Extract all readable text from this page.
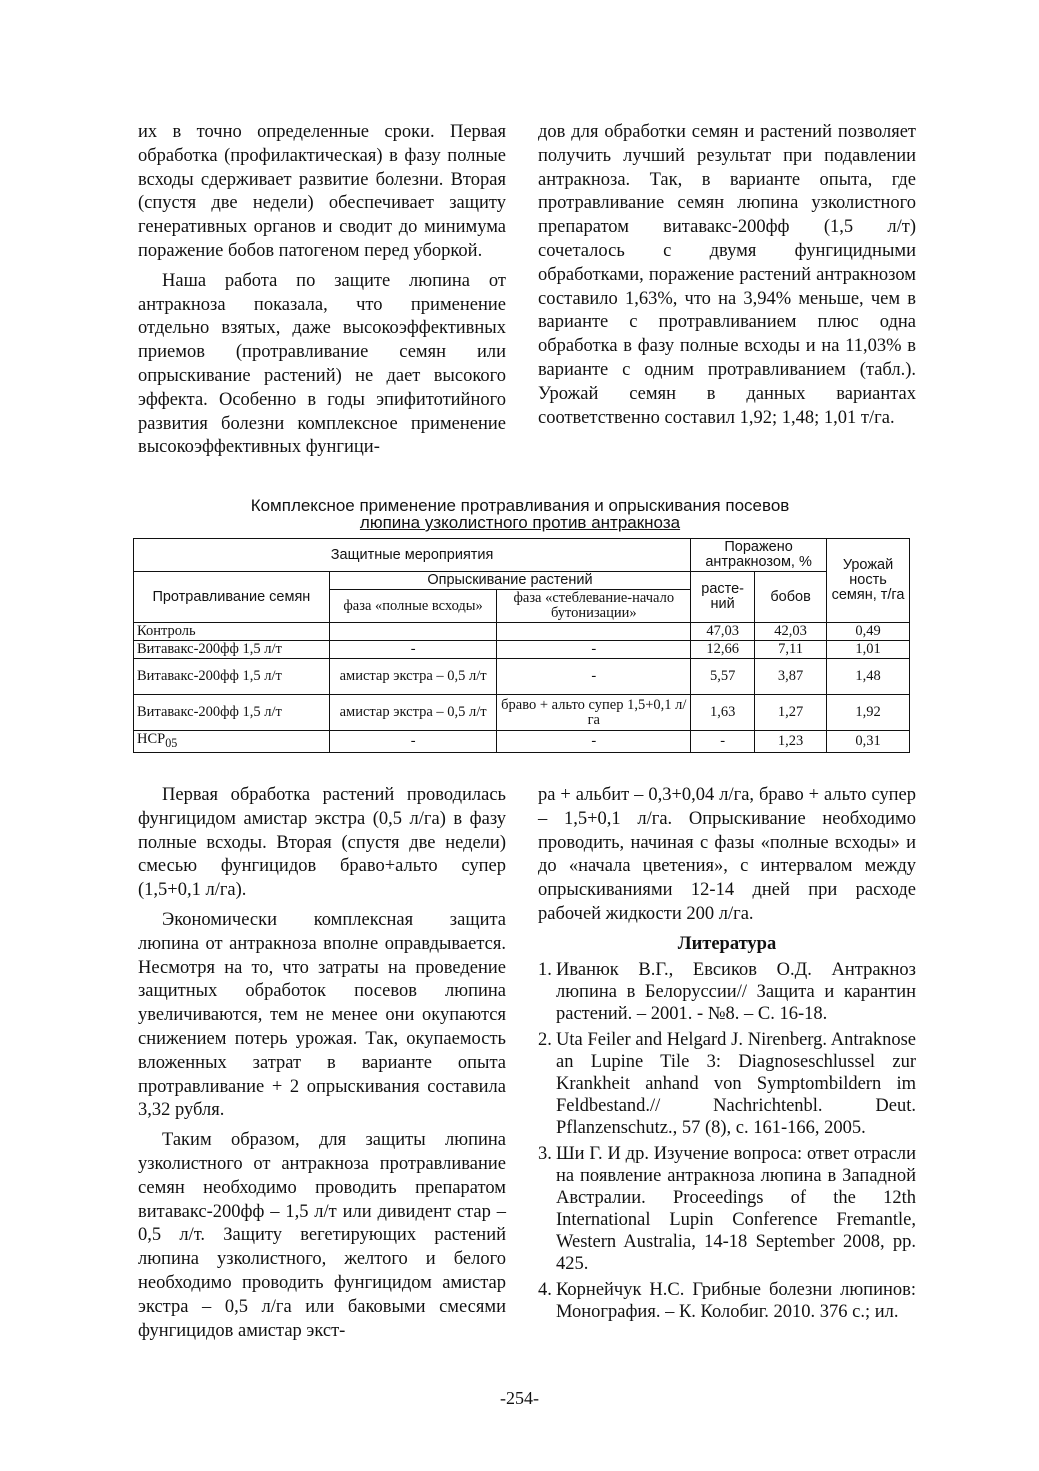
их в точно определенные сроки. Первая обработка (профилактическая) в фазу полные всходы сдерживает развитие болезни. Вторая (спустя две недели) обеспечивает защиту генеративных органов и сводит до минимума поражение бобов патогеном перед уборкой.

Наша работа по защите люпина от антракноза показала, что применение отдельно взятых, даже высокоэффективных приемов (протравливание семян или опрыскивание растений) не дает высокого эффекта. Особенно в годы эпифитотийного развития болезни комплексное применение высокоэффективных фунгици-

дов для обработки семян и растений позволяет получить лучший результат при подавлении антракноза. Так, в варианте опыта, где протравливание семян люпина узколистного препаратом витавакс-200фф (1,5 л/т) сочеталось с двумя фунгицидными обработками, поражение растений антракнозом составило 1,63%, что на 3,94% меньше, чем в варианте с протравливанием плюс одна обработка в фазу полные всходы и на 11,03% в варианте с одним протравливанием (табл.). Урожай семян в данных вариантах соответственно составил 1,92; 1,48; 1,01 т/га.

Комплексное применение протравливания и опрыскивания посевов
люпина узколистного против антракноза
Защитные мероприятия			Поражено антракнозом, %		Урожай ность семян, т/га
Протравливание семян	Опрыскивание растений		расте-ний	бобов	
	фаза «полные всходы»	фаза «стеблевание-начало бутонизации»			
Контроль			47,03	42,03	0,49
Витавакс-200фф 1,5 л/т	-	-	12,66	7,11	1,01
Витавакс-200фф 1,5 л/т	амистар экстра – 0,5 л/т	-	5,57	3,87	1,48
Витавакс-200фф 1,5 л/т	амистар экстра – 0,5 л/т	браво + альто супер 1,5+0,1 л/га	1,63	1,27	1,92
$НСР_{05}$	-	-	-	1,23	0,31

Первая обработка растений проводилась фунгицидом амистар экстра (0,5 л/га) в фазу полные всходы. Вторая (спустя две недели) смесью фунгицидов браво+альто супер (1,5+0,1 л/га).

Экономически комплексная защита люпина от антракноза вполне оправдывается. Несмотря на то, что затраты на проведение защитных обработок посевов люпина увеличиваются, тем не менее они окупаются снижением потерь урожая. Так, окупаемость вложенных затрат в варианте опыта протравливание + 2 опрыскивания составила 3,32 рубля.

Таким образом, для защиты люпина узколистного от антракноза протравливание семян необходимо проводить препаратом витавакс-200фф – 1,5 л/т или дивидент стар – 0,5 л/т. Защиту вегетирующих растений люпина узколистного, желтого и белого необходимо проводить фунгицидом амистар экстра – 0,5 л/га или баковыми смесями фунгицидов амистар экст-

ра + альбит – 0,3+0,04 л/га, браво + альто супер – 1,5+0,1 л/га. Опрыскивание необходимо проводить, начиная с фазы «полные всходы» и до «начала цветения», с интервалом между опрыскиваниями 12-14 дней при расходе рабочей жидкости 200 л/га.

Литература
1. Иванюк В.Г., Евсиков О.Д. Антракноз люпина в Белоруссии// Защита и карантин растений. – 2001. - №8. – С. 16-18.
2. Uta Feiler and Helgard J. Nirenberg. Antraknose an Lupine Tile 3: Diagnoseschlussel zur Krankheit anhand von Symptombildern im Feldbestand.// Nachrichtenbl. Deut. Pflanzenschutz., 57 (8), c. 161-166, 2005.
3. Ши Г. И др. Изучение вопроса: ответ отрасли на появление антракноза люпина в Западной Австралии. Proceedings of the 12th International Lupin Conference Fremantle, Western Australia, 14-18 September 2008, pp. 425.
4. Корнейчук Н.С. Грибные болезни люпинов: Монография. – К. Колобиг. 2010. 376 с.; ил.
-254-
